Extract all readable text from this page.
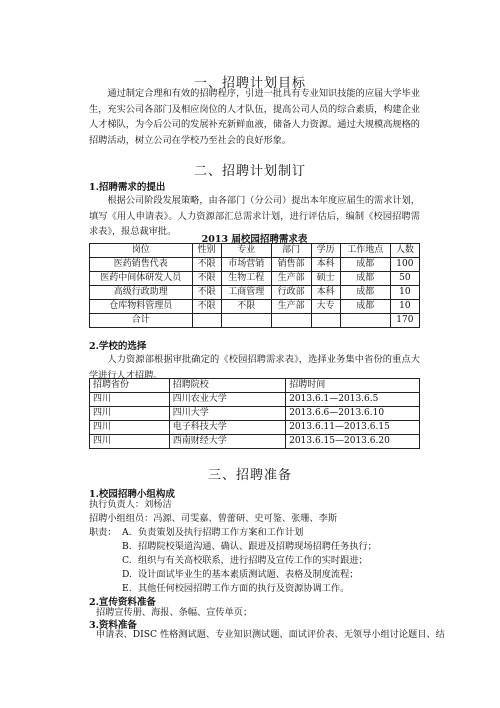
一、招聘计划目标

通过制定合理和有效的招聘程序，引进一批具有专业知识技能的应届大学毕业生，充实公司各部门及相应岗位的人才队伍，提高公司人员的综合素质，构建企业人才梯队，为今后公司的发展补充新鲜血液，储备人力资源。通过大规模高规格的招聘活动，树立公司在学校乃至社会的良好形象。

二、招聘计划制订
1.招聘需求的提出

根据公司阶段发展策略，由各部门（分公司）提出本年度应届生的需求计划，填写《用人申请表》。人力资源部汇总需求计划，进行评估后，编制《校园招聘需求表》，报总裁审批。

2013 届校园招聘需求表
岗位	性别	专业	部门	学历	工作地点	人数
医药销售代表	不限	市场营销	销售部	本科	成都	100
医药中间体研发人员	不限	生物工程	生产部	硕士	成都	50
高级行政助理	不限	工商管理	行政部	本科	成都	10
仓库物料管理员	不限	不限	生产部	大专	成都	10
合计						170
2.学校的选择

人力资源部根据审批确定的《校园招聘需求表》，选择业务集中省份的重点大学进行人才招聘。

招聘省份	招聘院校	招聘时间
四川	四川农业大学	2013.6.1—2013.6.5
四川	四川大学	2013.6.6—2013.6.10
四川	电子科技大学	2013.6.11—2013.6.15
四川	西南财经大学	2013.6.15—2013.6.20
三、招聘准备
1.校园招聘小组构成
执行负责人：刘杨洁
招聘小组组员：冯源、司雯嘉、曾蕾研、史可鉴、张珊、李斯
职责： A. 负责策划及执行招聘工作方案和工作计划
B. 招聘院校渠道沟通、确认、跟进及招聘现场招聘任务执行；
C. 组织与有关高校联系，进行招聘及宣传工作的实时跟进；
D. 设计面试毕业生的基本素质测试题、表格及制度流程；
E. 其他任何校园招聘工作方面的执行及资源协调工作。
2.宣传资料准备
招聘宣传册、海报、条幅、宣传单页；
3.资料准备
申请表、DISC 性格测试题、专业知识测试题、面试评价表、无领导小组讨论题目、结
